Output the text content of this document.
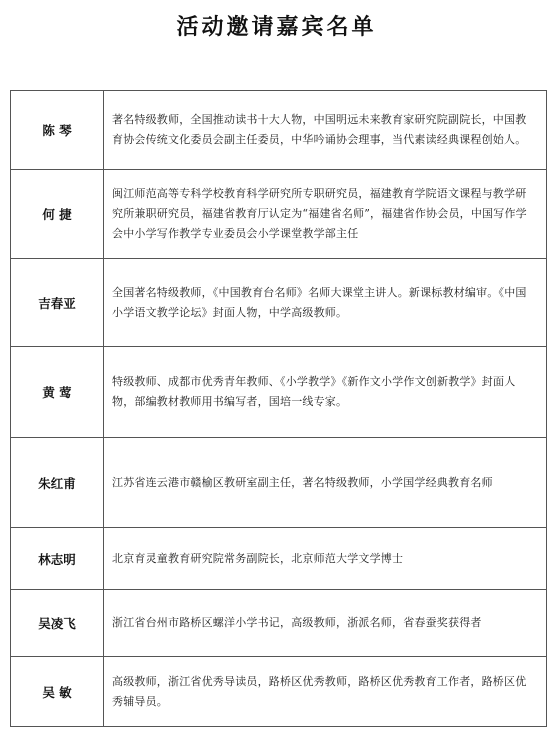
活动邀请嘉宾名单
陈 琴	著名特级教师，全国推动读书十大人物，中国明远未来教育家研究院副院长，中国教育协会传统文化委员会副主任委员，中华吟诵协会理事，当代素读经典课程创始人。
何 捷	闽江师范高等专科学校教育科学研究所专职研究员，福建教育学院语文课程与教学研究所兼职研究员，福建省教育厅认定为“福建省名师”，福建省作协会员，中国写作学会中小学写作教学专业委员会小学课堂教学部主任
吉春亚	全国著名特级教师，《中国教育台名师》名师大课堂主讲人。新课标教材编审。《中国小学语文教学论坛》封面人物，中学高级教师。
黄 莺	特级教师、成都市优秀青年教师、《小学教学》《新作文小学作文创新教学》封面人物，部编教材教师用书编写者，国培一线专家。
朱红甫	江苏省连云港市赣榆区教研室副主任，著名特级教师，小学国学经典教育名师
林志明	北京育灵童教育研究院常务副院长，北京师范大学文学博士
吴凌飞	浙江省台州市路桥区螺洋小学书记，高级教师，浙派名师，省春蚕奖获得者
吴 敏	高级教师，浙江省优秀导读员，路桥区优秀教师，路桥区优秀教育工作者，路桥区优秀辅导员。
